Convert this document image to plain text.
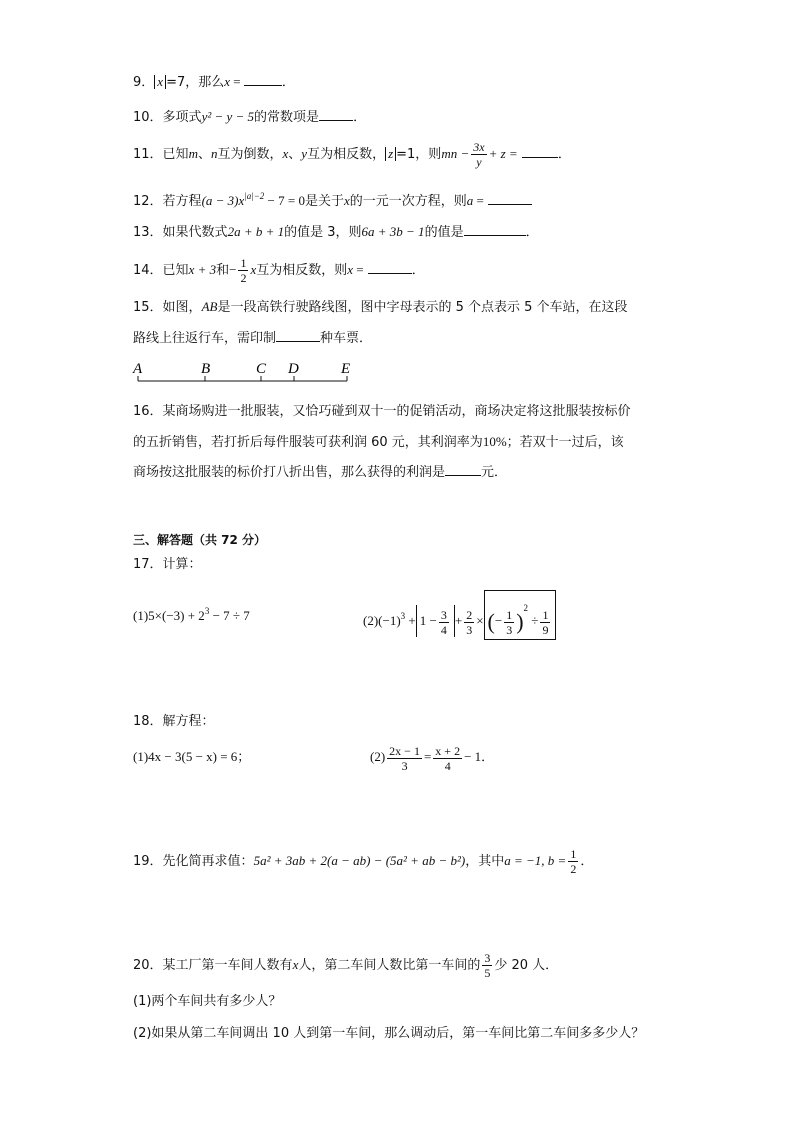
9． x =7，那么x =	．
10．多项式y² − y − 5的常数项是	．
11．已知m、n互为倒数，x、y互为相反数， z =1，则mn − $\frac{3x}{y} + z$ =	．
12．若方程$(a - 3)x^{|a|-2} - 7 = 0$是关于x的一元一次方程，则a =
13．如果代数式2a + b + 1的值是 3，则6a + 3b − 1的值是	．
14．已知x + 3和− $\frac{1}{2}$ x互为相反数，则x =	．
15．如图，AB是一段高铁行驶路线图，图中字母表示的 5 个点表示 5 个车站，在这段
路线上往返行车，需印制	种车票．
A	B	C D	E
16．某商场购进一批服装，又恰巧碰到双十一的促销活动，商场决定将这批服装按标价
的五折销售，若打折后每件服装可获利润 60 元，其利润率为10%；若双十一过后，该
商场按这批服装的标价打八折出售，那么获得的利润是	元．
三、解答题（共 72 分）
17．计算：
$(1)5\times(-3) + 2^3 - 7 \div 7$	$(2)(-1)^3 + 1 - \frac{3}{4} + \frac{2}{3}$ × (− $\frac{1}{3} )^2 \div \frac{1}{9}$
18．解方程：
(1)4x − 3(5 − x) = 6；	$(2) \frac{2x - 1}{3} = \frac{x + 2}{4} - 1$．
19．先化简再求值：5a² + 3ab + 2(a − ab) − (5a² + ab − b²)，其中a = −1, $b = \frac{1}{2}$ ．
20．某工厂第一车间人数有x人，第二车间人数比第一车间的 $\frac{3}{5}$ 少 20 人．
(1)两个车间共有多少人？
(2)如果从第二车间调出 10 人到第一车间，那么调动后，第一车间比第二车间多多少人？
